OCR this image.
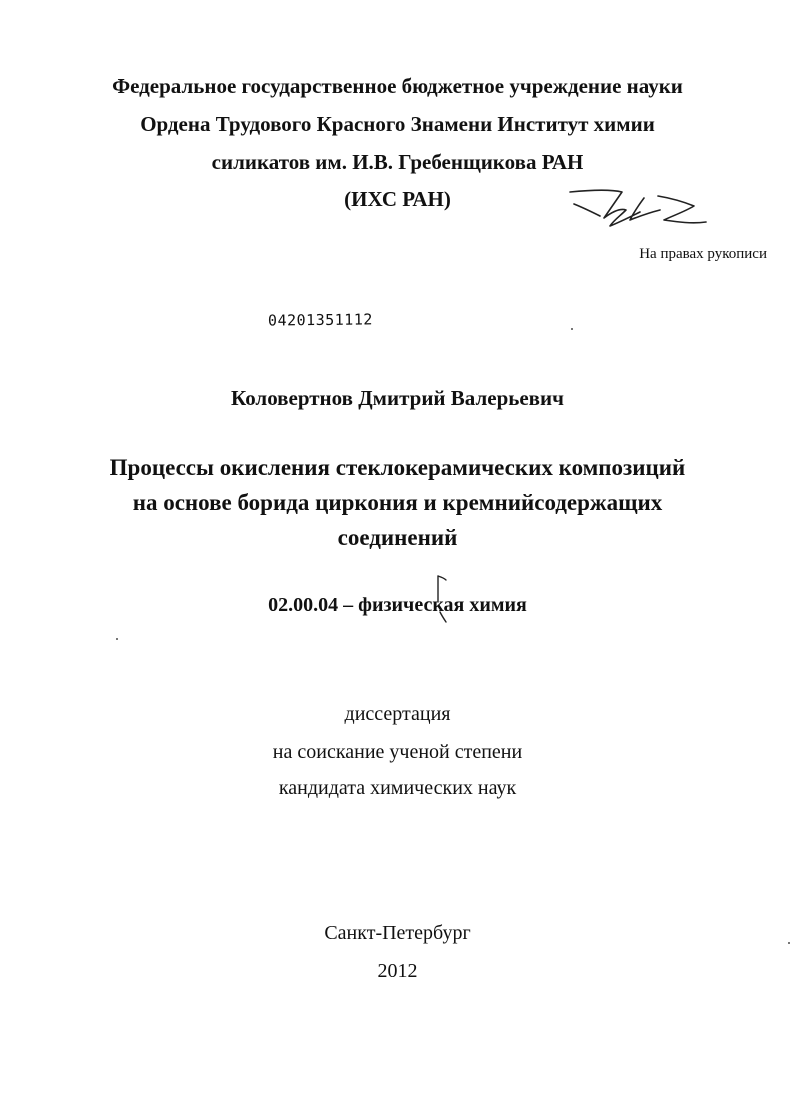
Федеральное государственное бюджетное учреждение науки
Ордена Трудового Красного Знамени Институт химии
силикатов им. И.В. Гребенщикова РАН
(ИХС РАН)
На правах рукописи
04201351112
Коловертнов Дмитрий Валерьевич
Процессы окисления стеклокерамических композиций
на основе борида циркония и кремнийсодержащих
соединений
02.00.04 – физическая химия
диссертация
на соискание ученой степени
кандидата химических наук
Санкт-Петербург
2012
